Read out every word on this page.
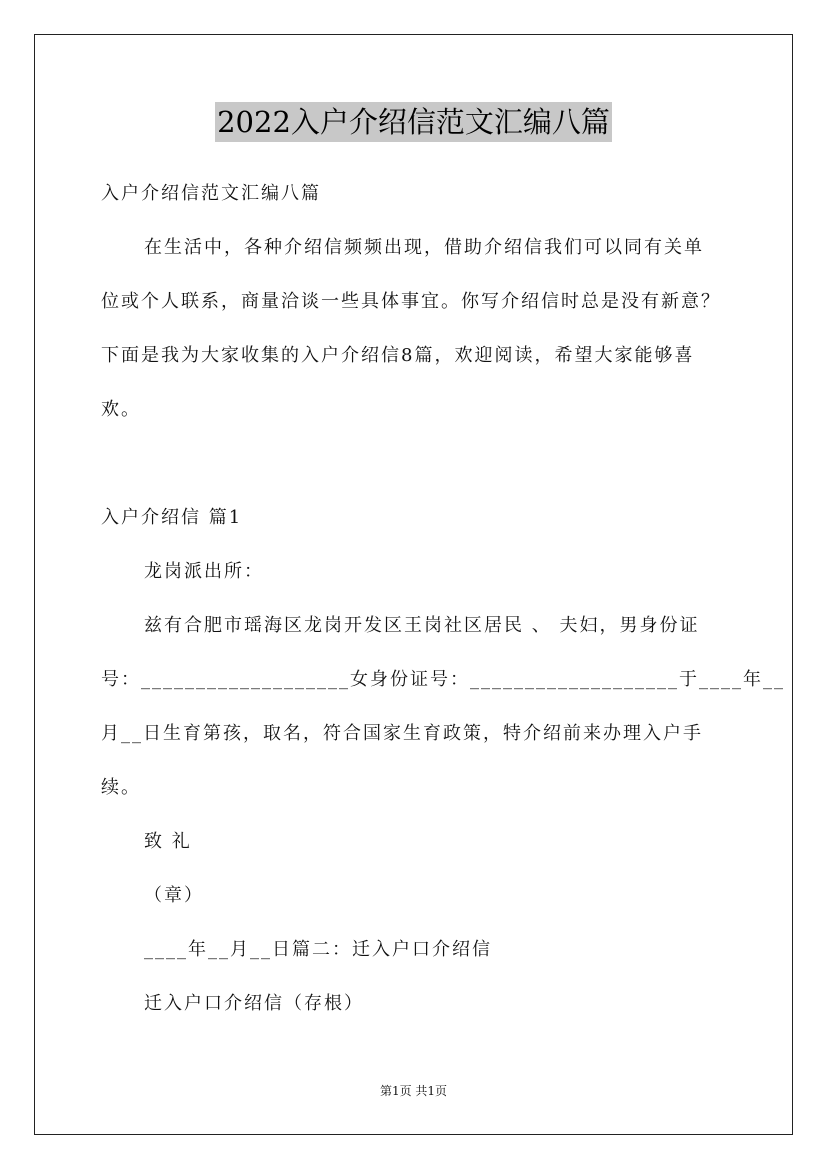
2022入户介绍信范文汇编八篇
入户介绍信范文汇编八篇
在生活中，各种介绍信频频出现，借助介绍信我们可以同有关单
位或个人联系，商量洽谈一些具体事宜。你写介绍信时总是没有新意？
下面是我为大家收集的入户介绍信8篇，欢迎阅读，希望大家能够喜
欢。
入户介绍信 篇1
龙岗派出所：
兹有合肥市瑶海区龙岗开发区王岗社区居民 、 夫妇，男身份证
号：___________________女身份证号：___________________于____年__
月__日生育第孩，取名，符合国家生育政策，特介绍前来办理入户手
续。
致 礼
（章）
____年__月__日篇二：迁入户口介绍信
迁入户口介绍信（存根）
第1页 共1页
